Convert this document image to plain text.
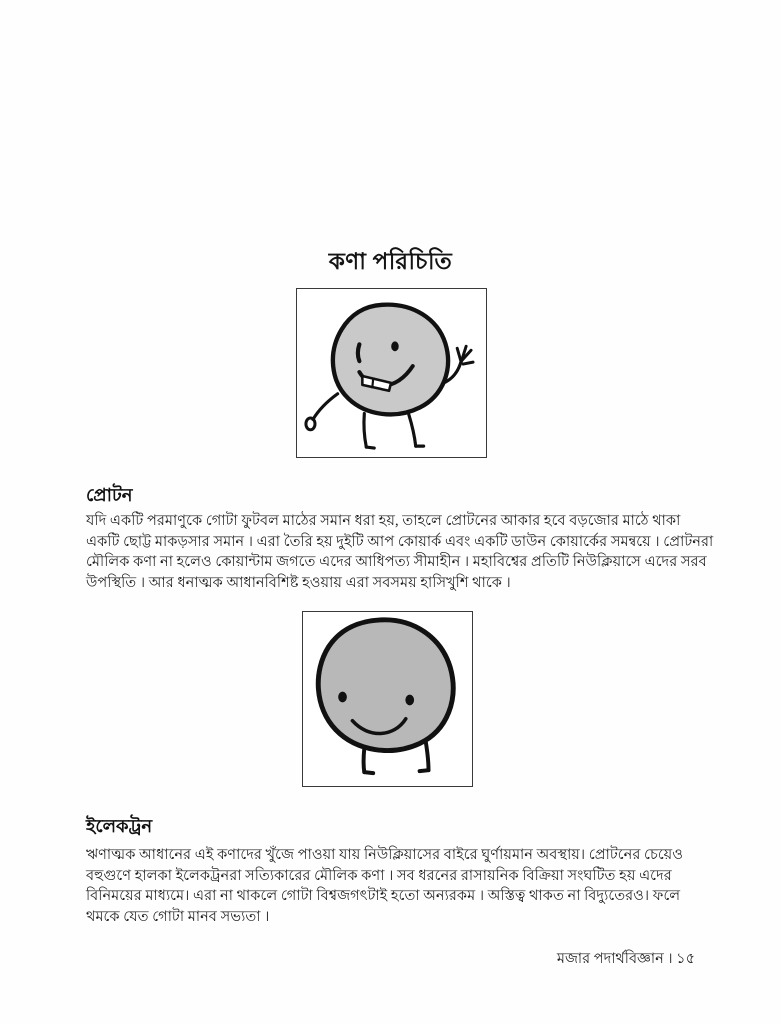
কণা পরিচিতি
প্রোটন
যদি একটি পরমাণুকে গোটা ফুটবল মাঠের সমান ধরা হয়, তাহলে প্রোটনের আকার হবে বড়জোর মাঠে থাকা
একটি ছোট্ট মাকড়সার সমান । এরা তৈরি হয় দুইটি আপ কোয়ার্ক এবং একটি ডাউন কোয়ার্কের সমন্বয়ে । প্রোটনরা
মৌলিক কণা না হলেও কোয়ান্টাম জগতে এদের আধিপত্য সীমাহীন । মহাবিশ্বের প্রতিটি নিউক্লিয়াসে এদের সরব
উপস্থিতি । আর ধনাত্মক আধানবিশিষ্ট হওয়ায় এরা সবসময় হাসিখুশি থাকে ।
ইলেকট্রন
ঋণাত্মক আধানের এই কণাদের খুঁজে পাওয়া যায় নিউক্লিয়াসের বাইরে ঘুর্ণায়মান অবস্থায়। প্রোটনের চেয়েও
বহুগুণে হালকা ইলেকট্রনরা সত্যিকারের মৌলিক কণা । সব ধরনের রাসায়নিক বিক্রিয়া সংঘটিত হয় এদের
বিনিময়ের মাধ্যমে। এরা না থাকলে গোটা বিশ্বজগৎটাই হতো অন্যরকম । অস্তিত্ব থাকত না বিদ্যুতেরও। ফলে
থমকে যেত গোটা মানব সভ্যতা ।
মজার পদার্থবিজ্ঞান । ১৫
